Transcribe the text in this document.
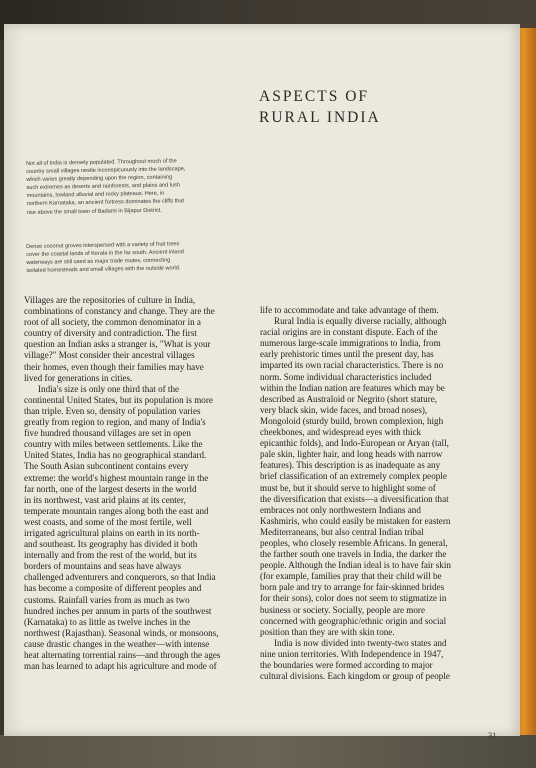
ASPECTS OF
RURAL INDIA
Not all of India is densely populated. Throughout much of the
country small villages nestle inconspicuously into the landscape,
which varies greatly depending upon the region, containing
such extremes as deserts and rainforests, and plains and lush
mountains, lowland alluvial and rocky plateaus. Here, in
northern Karnataka, an ancient fortress dominates the cliffs that
rise above the small town of Badami in Bijapur District.
Dense coconut groves interspersed with a variety of fruit trees
cover the coastal lands of Kerala in the far south. Ancient inland
waterways are still used as major trade routes, connecting
isolated homesteads and small villages with the outside world.
Villages are the repositories of culture in India,
combinations of constancy and change. They are the
root of all society, the common denominator in a
country of diversity and contradiction. The first
question an Indian asks a stranger is, "What is your
village?" Most consider their ancestral villages
their homes, even though their families may have
lived for generations in cities.
India's size is only one third that of the
continental United States, but its population is more
than triple. Even so, density of population varies
greatly from region to region, and many of India's
five hundred thousand villages are set in open
country with miles between settlements. Like the
United States, India has no geographical standard.
The South Asian subcontinent contains every
extreme: the world's highest mountain range in the
far north, one of the largest deserts in the world
in its northwest, vast arid plains at its center,
temperate mountain ranges along both the east and
west coasts, and some of the most fertile, well
irrigated agricultural plains on earth in its north-
and southeast. Its geography has divided it both
internally and from the rest of the world, but its
borders of mountains and seas have always
challenged adventurers and conquerors, so that India
has become a composite of different peoples and
customs. Rainfall varies from as much as two
hundred inches per annum in parts of the southwest
(Karnataka) to as little as twelve inches in the
northwest (Rajasthan). Seasonal winds, or monsoons,
cause drastic changes in the weather—with intense
heat alternating torrential rains—and through the ages
man has learned to adapt his agriculture and mode of
life to accommodate and take advantage of them.
Rural India is equally diverse racially, although
racial origins are in constant dispute. Each of the
numerous large-scale immigrations to India, from
early prehistoric times until the present day, has
imparted its own racial characteristics. There is no
norm. Some individual characteristics included
within the Indian nation are features which may be
described as Australoid or Negrito (short stature,
very black skin, wide faces, and broad noses),
Mongoloid (sturdy build, brown complexion, high
cheekbones, and widespread eyes with thick
epicanthic folds), and Indo-European or Aryan (tall,
pale skin, lighter hair, and long heads with narrow
features). This description is as inadequate as any
brief classification of an extremely complex people
must be, but it should serve to highlight some of
the diversification that exists—a diversification that
embraces not only northwestern Indians and
Kashmiris, who could easily be mistaken for eastern
Mediterraneans, but also central Indian tribal
peoples, who closely resemble Africans. In general,
the farther south one travels in India, the darker the
people. Although the Indian ideal is to have fair skin
(for example, families pray that their child will be
born pale and try to arrange for fair-skinned brides
for their sons), color does not seem to stigmatize in
business or society. Socially, people are more
concerned with geographic/ethnic origin and social
position than they are with skin tone.
India is now divided into twenty-two states and
nine union territories. With Independence in 1947,
the boundaries were formed according to major
cultural divisions. Each kingdom or group of people
31
